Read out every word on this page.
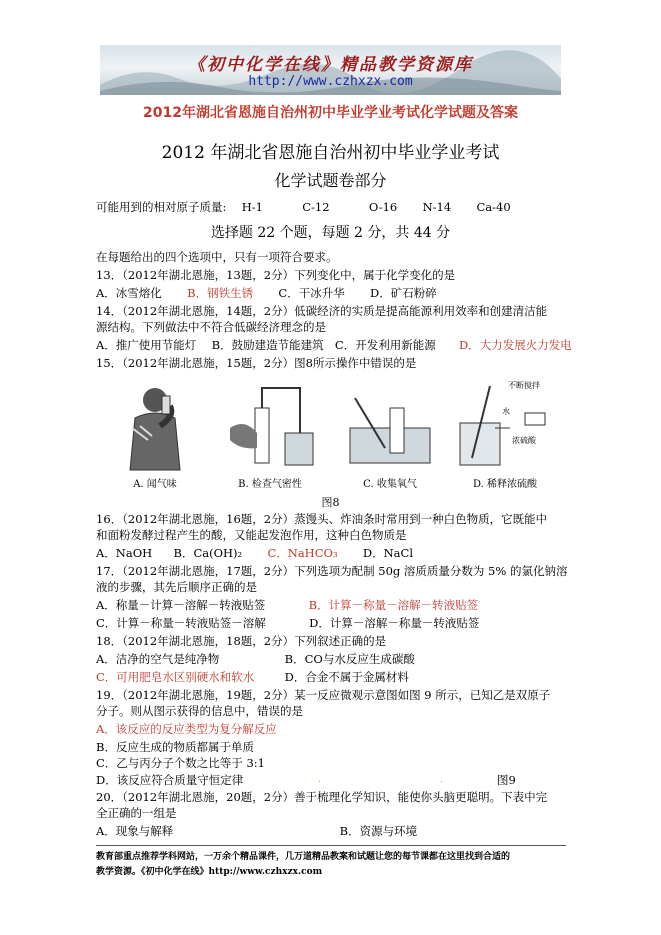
《初中化学在线》精品教学资源库
http://www.czhxzx.com
2012年湖北省恩施自治州初中毕业学业考试化学试题及答案
2012 年湖北省恩施自治州初中毕业学业考试
化学试题卷部分
可能用到的相对原子质量: H-1	C-12	O-16 N-14 Ca-40
选择题 22 个题，每题 2 分，共 44 分
在每题给出的四个选项中，只有一项符合要求。
13．（2012年湖北恩施，13题，2分）下列变化中，属于化学变化的是
A．冰雪熔化 B．钢铁生锈 C．干冰升华 D．矿石粉碎
14．（2012年湖北恩施，14题，2分）低碳经济的实质是提高能源利用效率和创建清洁能
源结构。下列做法中不符合低碳经济理念的是
A．推广使用节能灯 B．鼓励建造节能建筑 C．开发利用新能源 D．大力发展火力发电
15．（2012年湖北恩施，15题，2分）图8所示操作中错误的是
A. 闻气味	B. 检查气密性	C. 收集氧气
不断搅拌
水
浓硫酸
D. 稀释浓硫酸
图8
16．（2012年湖北恩施，16题，2分）蒸馒头、炸油条时常用到一种白色物质，它既能中
和面粉发酵过程产生的酸，又能起发泡作用，这种白色物质是
A．NaOH B．Ca(OH)₂ C．NaHCO₃ D．NaCl
17．（2012年湖北恩施，17题，2分）下列选项为配制 50g 溶质质量分数为 5% 的氯化钠溶
液的步骤，其先后顺序正确的是
A．称量－计算－溶解－转液贴签	B．计算－称量－溶解－转液贴签
C．计算－称量－转液贴签－溶解	D．计算－溶解－称量－转液贴签
18．（2012年湖北恩施，18题，2分）下列叙述正确的是
A．洁净的空气是纯净物	B．CO与水反应生成碳酸
C．可用肥皂水区别硬水和软水	D．合金不属于金属材料
19．（2012年湖北恩施，19题，2分）某一反应微观示意图如图 9 所示，已知乙是双原子
分子。则从图示获得的信息中，错误的是
A．该反应的反应类型为复分解反应
B．反应生成的物质都属于单质
C．乙与丙分子个数之比等于 3:1
D．该反应符合质量守恒定律	.	.	图9
20．（2012年湖北恩施，20题，2分）善于梳理化学知识，能使你头脑更聪明。下表中完
全正确的一组是
A．现象与解释	B．资源与环境
教育部重点推荐学科网站，一万余个精品课件，几万道精品教案和试题让您的每节课都在这里找到合适的
教学资源。《初中化学在线》http://www.czhxzx.com
